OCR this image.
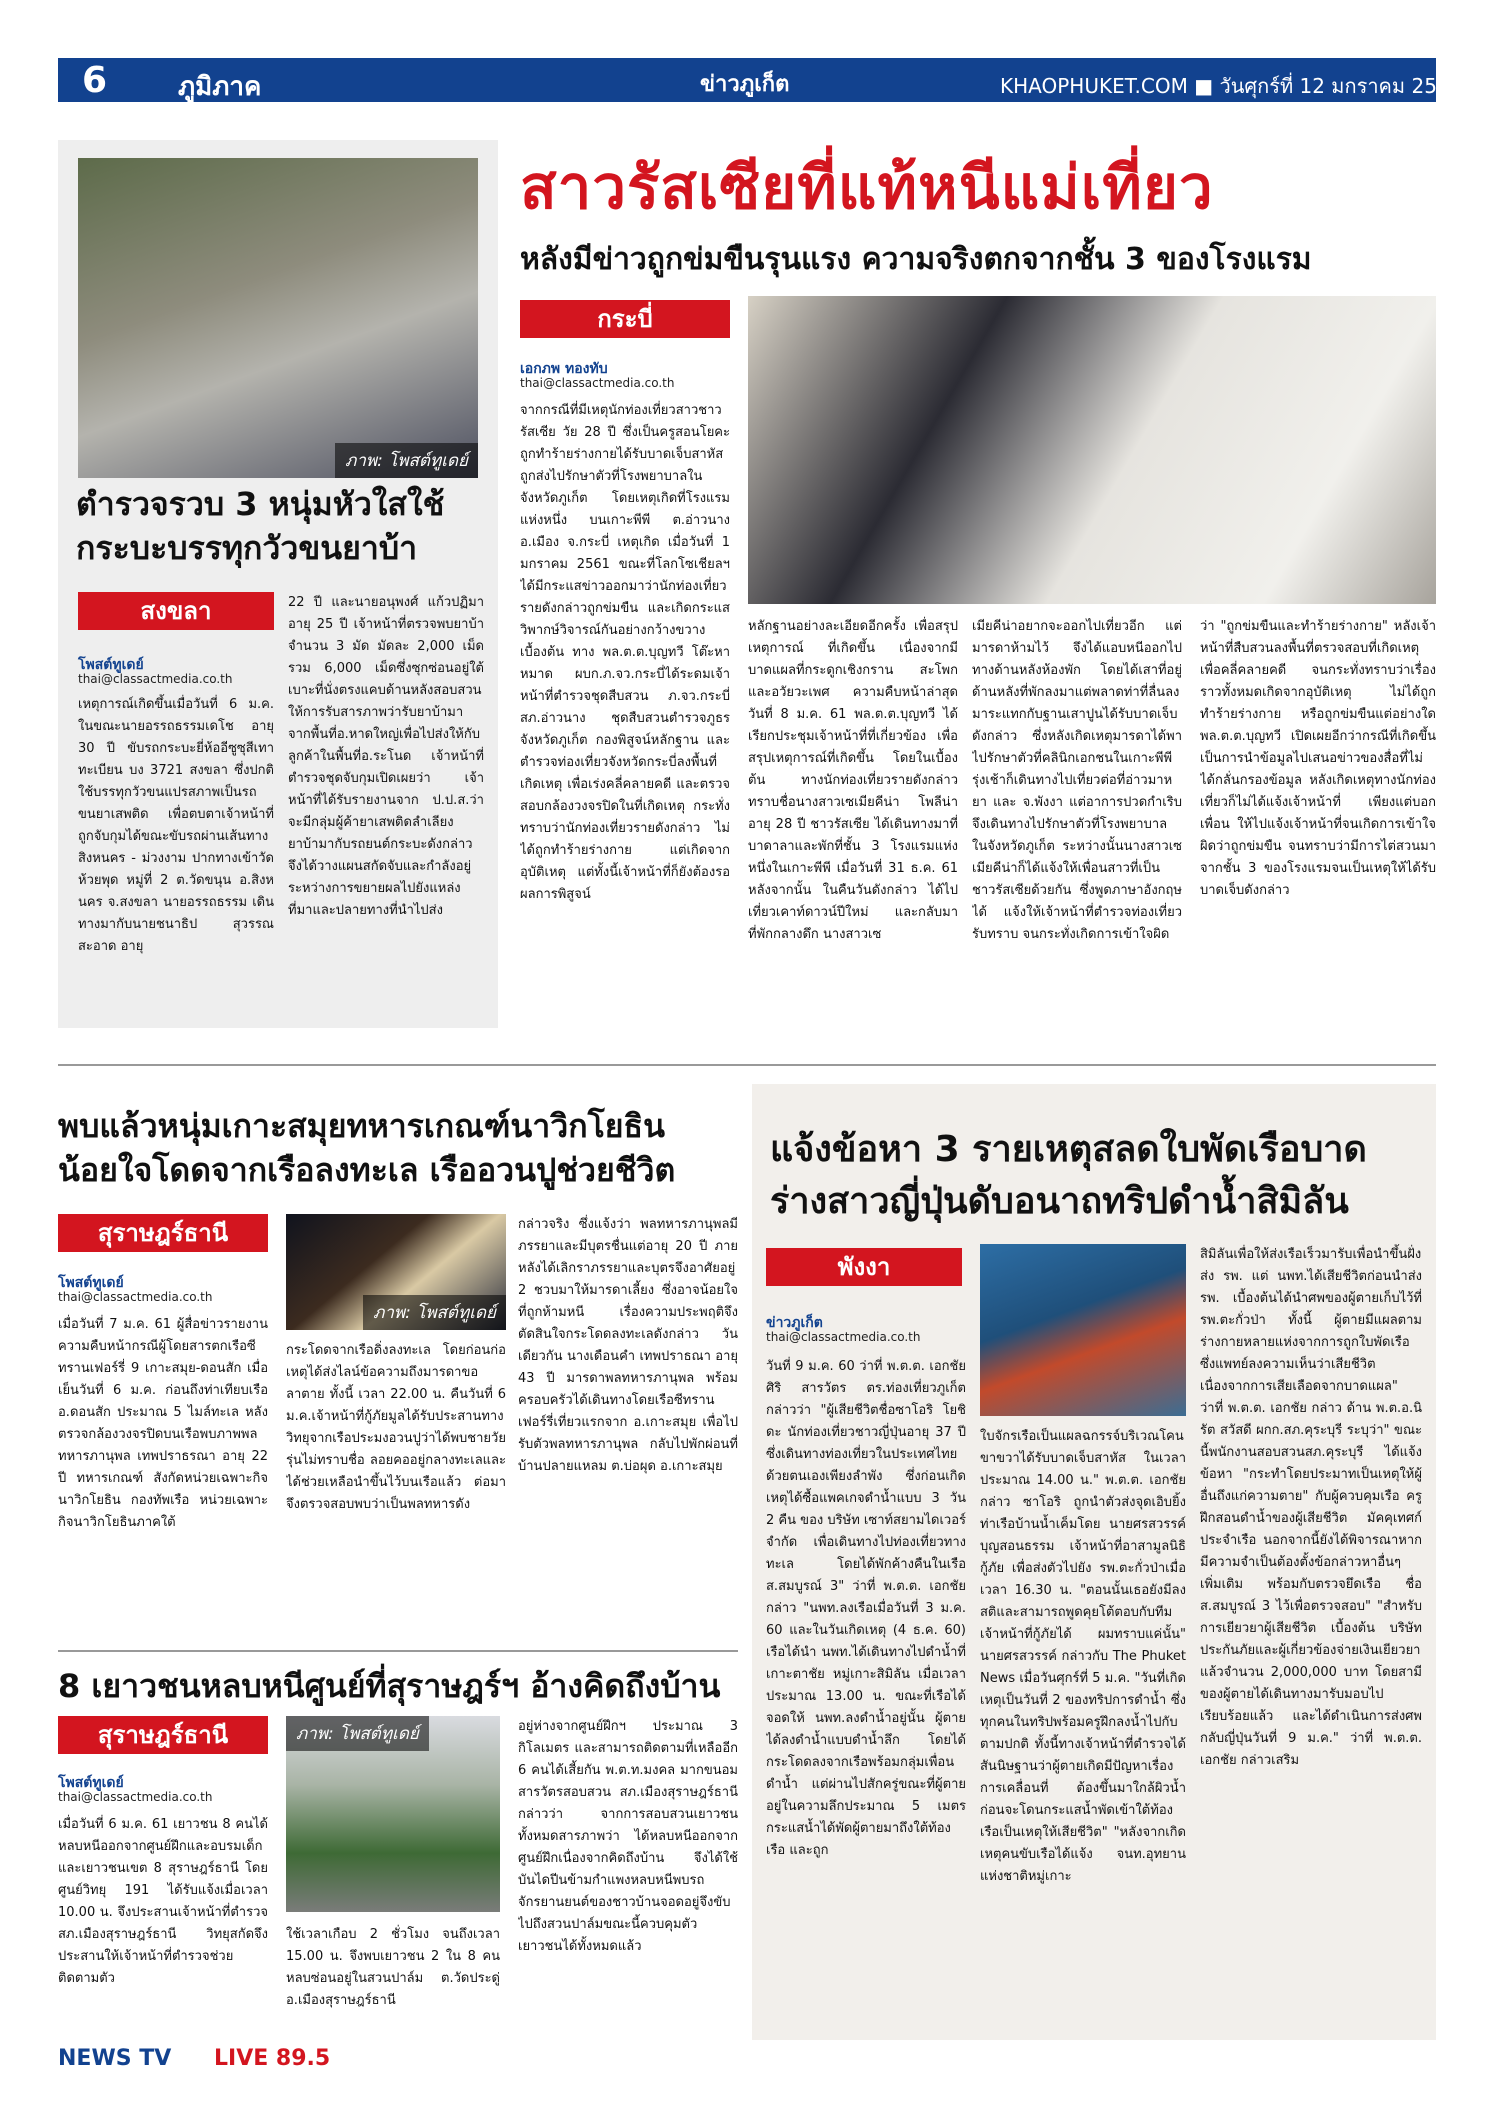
6	ภูมิภาค	ข่าวภูเก็ต	KHAOPHUKET.COM ■ วันศุกร์ที่ 12 มกราคม 2561
ภาพ: โพสต์ทูเดย์
ตำรวจรวบ 3 หนุ่มหัวใสใช้กระบะบรรทุกวัวขนยาบ้า
สงขลา
โพสต์ทูเดย์
thai@classactmedia.co.th
เหตุการณ์เกิดขึ้นเมื่อวันที่ 6 ม.ค. ในขณะนายอรรถธรรมเดโช อายุ 30 ปี ขับรถกระบะยี่ห้ออีซูซุสีเทา ทะเบียน บง 3721 สงขลา ซึ่งปกติใช้บรรทุกวัวขนแปรสภาพเป็นรถขนยาเสพติด เพื่อตบตาเจ้าหน้าที่ ถูกจับกุมได้ขณะขับรถผ่านเส้นทางสิงหนคร - ม่วงงาม ปากทางเข้าวัดห้วยพุด หมู่ที่ 2 ต.วัดขนุน อ.สิงหนคร จ.สงขลา นายอรรถธรรม เดินทางมากับนายชนาธิป สุวรรณสะอาด อายุ
22 ปี และนายอนุพงศ์ แก้วปฏิมา อายุ 25 ปี เจ้าหน้าที่ตรวจพบยาบ้า จำนวน 3 มัด มัดละ 2,000 เม็ด รวม 6,000 เม็ดซึ่งซุกซ่อนอยู่ใต้เบาะที่นั่งตรงแคบด้านหลังสอบสวนให้การรับสารภาพว่ารับยาบ้ามาจากพื้นที่อ.หาดใหญ่เพื่อไปส่งให้กับลูกค้าในพื้นที่อ.ระโนด เจ้าหน้าที่ตำรวจชุดจับกุมเปิดเผยว่า เจ้าหน้าที่ได้รับรายงานจาก ป.ป.ส.ว่าจะมีกลุ่มผู้ค้ายาเสพติดลำเลียงยาบ้ามากับรถยนต์กระบะดังกล่าว จึงได้วางแผนสกัดจับและกำลังอยู่ระหว่างการขยายผลไปยังแหล่งที่มาและปลายทางที่นำไปส่ง
สาวรัสเซียที่แท้หนีแม่เที่ยว
หลังมีข่าวถูกข่มขืนรุนแรง ความจริงตกจากชั้น 3 ของโรงแรม
กระบี่
เอกภพ ทองทับ
thai@classactmedia.co.th
จากกรณีที่มีเหตุนักท่องเที่ยวสาวชาวรัสเซีย วัย 28 ปี ซึ่งเป็นครูสอนโยคะถูกทำร้ายร่างกายได้รับบาดเจ็บสาหัส ถูกส่งไปรักษาตัวที่โรงพยาบาลในจังหวัดภูเก็ต โดยเหตุเกิดที่โรงแรมแห่งหนึ่ง บนเกาะพีพี ต.อ่าวนาง อ.เมือง จ.กระบี่ เหตุเกิด เมื่อวันที่ 1 มกราคม 2561 ขณะที่โลกโซเชียลฯ ได้มีกระแสข่าวออกมาว่านักท่องเที่ยวรายดังกล่าวถูกข่มขืน และเกิดกระแสวิพากษ์วิจารณ์กันอย่างกว้างขวาง เบื้องต้น ทาง พล.ต.ต.บุญทวี โต๊ะหาหมาด ผบก.ภ.จว.กระบี่ได้ระดมเจ้าหน้าที่ตำรวจชุดสืบสวน ภ.จว.กระบี่ สภ.อ่าวนาง ชุดสืบสวนตำรวจภูธรจังหวัดภูเก็ต กองพิสูจน์หลักฐาน และตำรวจท่องเที่ยวจังหวัดกระบี่ลงพื้นที่เกิดเหตุ เพื่อเร่งคลี่คลายคดี และตรวจสอบกล้องวงจรปิดในที่เกิดเหตุ กระทั่งทราบว่านักท่องเที่ยวรายดังกล่าว ไม่ได้ถูกทำร้ายร่างกาย แต่เกิดจากอุบัติเหตุ แต่ทั้งนี้เจ้าหน้าที่ก็ยังต้องรอผลการพิสูจน์
หลักฐานอย่างละเอียดอีกครั้ง เพื่อสรุปเหตุการณ์ ที่เกิดขึ้น เนื่องจากมีบาดแผลที่กระดูกเชิงกราน สะโพกและอวัยวะเพศ ความคืบหน้าล่าสุด วันที่ 8 ม.ค. 61 พล.ต.ต.บุญทวี ได้เรียกประชุมเจ้าหน้าที่ที่เกี่ยวข้อง เพื่อสรุปเหตุการณ์ที่เกิดขึ้น โดยในเบื้องต้น ทางนักท่องเที่ยวรายดังกล่าว ทราบชื่อนางสาวเซเมียคีน่า โพลีน่า อายุ 28 ปี ชาวรัสเซีย ได้เดินทางมาที่บาดาลาและพักที่ชั้น 3 โรงแรมแห่งหนึ่งในเกาะพีพี เมื่อวันที่ 31 ธ.ค. 61 หลังจากนั้น ในคืนวันดังกล่าว ได้ไปเที่ยวเคาท์ดาวน์ปีใหม่ และกลับมาที่พักกลางดึก นางสาวเซ
เมียคีน่าอยากจะออกไปเที่ยวอีก แต่มารดาห้ามไว้ จึงได้แอบหนีออกไปทางด้านหลังห้องพัก โดยได้เสาที่อยู่ด้านหลังที่พักลงมาแต่พลาดท่าที่ลื่นลงมาระแทกกับฐานเสาปูนได้รับบาดเจ็บดังกล่าว ซึ่งหลังเกิดเหตุมารดาได้พาไปรักษาตัวที่คลินิกเอกชนในเกาะพีพี รุ่งเช้าก็เดินทางไปเที่ยวต่อที่อ่าวมาหยา และ จ.พังงา แต่อาการปวดกำเริบจึงเดินทางไปรักษาตัวที่โรงพยาบาลในจังหวัดภูเก็ต ระหว่างนั้นนางสาวเซเมียคีน่าก็ได้แจ้งให้เพื่อนสาวที่เป็นชาวรัสเซียด้วยกัน ซึ่งพูดภาษาอังกฤษได้ แจ้งให้เจ้าหน้าที่ตำรวจท่องเที่ยวรับทราบ จนกระทั่งเกิดการเข้าใจผิด
ว่า "ถูกข่มขืนและทำร้ายร่างกาย" หลังเจ้าหน้าที่สืบสวนลงพื้นที่ตรวจสอบที่เกิดเหตุเพื่อคลี่คลายคดี จนกระทั่งทราบว่าเรื่องราวทั้งหมดเกิดจากอุบัติเหตุ ไม่ได้ถูกทำร้ายร่างกาย หรือถูกข่มขืนแต่อย่างใด พล.ต.ต.บุญทวี เปิดเผยอีกว่ากรณีที่เกิดขึ้นเป็นการนำข้อมูลไปเสนอข่าวของสื่อที่ไม่ได้กลั่นกรองข้อมูล หลังเกิดเหตุทางนักท่องเที่ยวก็ไม่ได้แจ้งเจ้าหน้าที่ เพียงแต่บอกเพื่อน ให้ไปแจ้งเจ้าหน้าที่จนเกิดการเข้าใจผิดว่าถูกข่มขืน จนทราบว่ามีการไต่สวนมาจากชั้น 3 ของโรงแรมจนเป็นเหตุให้ได้รับบาดเจ็บดังกล่าว
พบแล้วหนุ่มเกาะสมุยทหารเกณฑ์นาวิกโยธินน้อยใจโดดจากเรือลงทะเล เรืออวนปูช่วยชีวิต
สุราษฎร์ธานี
โพสต์ทูเดย์
thai@classactmedia.co.th
เมื่อวันที่ 7 ม.ค. 61 ผู้สื่อข่าวรายงานความคืบหน้ากรณีผู้โดยสารตกเรือซีทรานเฟอร์รี่ 9 เกาะสมุย-ดอนสัก เมื่อเย็นวันที่ 6 ม.ค. ก่อนถึงท่าเทียบเรือ อ.ดอนสัก ประมาณ 5 ไมล์ทะเล หลังตรวจกล้องวงจรปิดบนเรือพบภาพพลทหารภานุพล เทพปราธรณา อายุ 22 ปี ทหารเกณฑ์ สังกัดหน่วยเฉพาะกิจนาวิกโยธิน กองทัพเรือ หน่วยเฉพาะกิจนาวิกโยธินภาคใต้
ภาพ: โพสต์ทูเดย์
กระโดดจากเรือดิ่งลงทะเล โดยก่อนก่อเหตุได้ส่งไลน์ข้อความถึงมารดาขอลาตาย ทั้งนี้ เวลา 22.00 น. คืนวันที่ 6 ม.ค.เจ้าหน้าที่กู้ภัยมูลได้รับประสานทางวิทยุจากเรือประมงอวนปูว่าได้พบชายวัยรุ่นไม่ทราบชื่อ ลอยคออยู่กลางทะเลและได้ช่วยเหลือนำขึ้นไว้บนเรือแล้ว ต่อมาจึงตรวจสอบพบว่าเป็นพลทหารดัง
กล่าวจริง ซึ่งแจ้งว่า พลทหารภานุพลมีภรรยาและมีบุตรชื่นแต่อายุ 20 ปี ภายหลังได้เลิกราภรรยาและบุตรจึงอาศัยอยู่ 2 ชวบมาให้มารดาเลี้ยง ซึ่งอาจน้อยใจที่ถูกห้ามหนี เรื่องความประพฤติจึงตัดสินใจกระโดดลงทะเลดังกล่าว วันเดียวกัน นางเดือนคำ เทพปราธณา อายุ 43 ปี มารดาพลทหารภานุพล พร้อมครอบครัวได้เดินทางโดยเรือซีทรานเฟอร์รี่เที่ยวแรกจาก อ.เกาะสมุย เพื่อไปรับตัวพลทหารภานุพล กลับไปพักผ่อนที่บ้านปลายแหลม ต.บ่อผุด อ.เกาะสมุย
8 เยาวชนหลบหนีศูนย์ที่สุราษฎร์ฯ อ้างคิดถึงบ้าน
สุราษฎร์ธานี
โพสต์ทูเดย์
thai@classactmedia.co.th
เมื่อวันที่ 6 ม.ค. 61 เยาวชน 8 คนได้หลบหนีออกจากศูนย์ฝึกและอบรมเด็กและเยาวชนเขต 8 สุราษฎร์ธานี โดยศูนย์วิทยุ 191 ได้รับแจ้งเมื่อเวลา 10.00 น. จึงประสานเจ้าหน้าที่ตำรวจ สภ.เมืองสุราษฎร์ธานี วิทยุสกัดจึงประสานให้เจ้าหน้าที่ตำรวจช่วยติดตามตัว
ภาพ: โพสต์ทูเดย์
ใช้เวลาเกือบ 2 ชั่วโมง จนถึงเวลา 15.00 น. จึงพบเยาวชน 2 ใน 8 คน หลบซ่อนอยู่ในสวนปาล์ม ต.วัดประดู่ อ.เมืองสุราษฎร์ธานี
อยู่ห่างจากศูนย์ฝึกฯ ประมาณ 3 กิโลเมตร และสามารถติดตามที่เหลืออีก 6 คนได้เสี้ยกัน พ.ต.ท.มงคล มากขนอม สารวัตรสอบสวน สภ.เมืองสุราษฎร์ธานี กล่าวว่า จากการสอบสวนเยาวชนทั้งหมดสารภาพว่า ได้หลบหนีออกจากศูนย์ฝึกเนื่องจากคิดถึงบ้าน จึงได้ใช้บันไดปีนข้ามกำแพงหลบหนีพบรถจักรยานยนต์ของชาวบ้านจอดอยู่จึงขับไปถึงสวนปาล์มขณะนี้ควบคุมตัวเยาวชนได้ทั้งหมดแล้ว
แจ้งข้อหา 3 รายเหตุสลดใบพัดเรือบาดร่างสาวญี่ปุ่นดับอนาถทริปดำน้ำสิมิลัน
พังงา
ข่าวภูเก็ต
thai@classactmedia.co.th
วันที่ 9 ม.ค. 60 ว่าที่ พ.ต.ต. เอกชัย ศิริ สารวัตร ตร.ท่องเที่ยวภูเก็ต กล่าวว่า "ผู้เสียชีวิตชื่อซาโอริ โยชิดะ นักท่องเที่ยวชาวญี่ปุ่นอายุ 37 ปี ซึ่งเดินทางท่องเที่ยวในประเทศไทยด้วยตนเองเพียงลำพัง ซึ่งก่อนเกิดเหตุได้ซื้อแพคเกจดำน้ำแบบ 3 วัน 2 คืน ของ บริษัท เซาท์สยามไดเวอร์ จำกัด เพื่อเดินทางไปท่องเที่ยวทางทะเล โดยได้พักค้างคืนในเรือ ส.สมบูรณ์ 3" ว่าที่ พ.ต.ต. เอกชัย กล่าว "นพท.ลงเรือเมื่อวันที่ 3 ม.ค. 60 และในวันเกิดเหตุ (4 ธ.ค. 60) เรือได้นำ นพท.ได้เดินทางไปดำน้ำที่เกาะตาชัย หมู่เกาะสิมิลัน เมื่อเวลาประมาณ 13.00 น. ขณะที่เรือได้จอดให้ นพท.ลงดำน้ำอยู่นั้น ผู้ตายได้ลงดำน้ำแบบดำน้ำลึก โดยได้กระโดดลงจากเรือพร้อมกลุ่มเพื่อนดำน้ำ แต่ผ่านไปสักครู่ขณะที่ผู้ตายอยู่ในความลึกประมาณ 5 เมตร กระแสน้ำได้พัดผู้ตายมาถึงใต้ท้องเรือ และถูก
ใบจักรเรือเป็นแผลฉกรรจ์บริเวณโคนขาขวาได้รับบาดเจ็บสาหัส ในเวลาประมาณ 14.00 น." พ.ต.ต. เอกชัย กล่าว ซาโอริ ถูกนำตัวส่งจุดเอิบยิ้งท่าเรือบ้านน้ำเค็มโดย นายศรสวรรค์ บุญสอนธรรม เจ้าหน้าที่อาสามูลนิธิกู้ภัย เพื่อส่งตัวไปยัง รพ.ตะกั่วป่าเมื่อเวลา 16.30 น. "ตอนนั้นเธอยังมีลงสติและสามารถพูดคุยโต้ตอบกับทีมเจ้าหน้าที่กู้ภัยได้ ผมทราบแค่นั้น" นายศรสวรรค์ กล่าวกับ The Phuket News เมื่อวันศุกร์ที่ 5 ม.ค. "วันที่เกิดเหตุเป็นวันที่ 2 ของทริปการดำน้ำ ซึ่งทุกคนในทริปพร้อมครูฝึกลงน้ำไปกับตามปกติ ทั้งนี้ทางเจ้าหน้าที่ตำรวจได้สันนิษฐานว่าผู้ตายเกิดมีปัญหาเรื่องการเคลื่อนที่ ต้องขึ้นมาใกล้ผิวน้ำ ก่อนจะโดนกระแสน้ำพัดเข้าใต้ท้องเรือเป็นเหตุให้เสียชีวิต" "หลังจากเกิดเหตุคนขับเรือได้แจ้ง จนท.อุทยานแห่งชาติหมู่เกาะ
สิมิลันเพื่อให้ส่งเรือเร็วมารับเพื่อนำขึ้นฝั่งส่ง รพ. แต่ นพท.ได้เสียชีวิตก่อนนำส่ง รพ. เบื้องต้นได้นำศพของผู้ตายเก็บไว้ที่ รพ.ตะกั่วป่า ทั้งนี้ ผู้ตายมีแผลตามร่างกายหลายแห่งจากการถูกใบพัดเรือ ซึ่งแพทย์ลงความเห็นว่าเสียชีวิตเนื่องจากการเสียเลือดจากบาดแผล" ว่าที่ พ.ต.ต. เอกชัย กล่าว ด้าน พ.ต.อ.นิรัต สวัสดี ผกก.สภ.คุระบุรี ระบุว่า" ขณะนี้พนักงานสอบสวนสภ.คุระบุรี ได้แจ้งข้อหา "กระทำโดยประมาทเป็นเหตุให้ผู้อื่นถึงแก่ความตาย" กับผู้ควบคุมเรือ ครูฝึกสอนดำน้ำของผู้เสียชีวิต มัคคุเทศก์ประจำเรือ นอกจากนี้ยังได้พิจารณาหากมีความจำเป็นต้องตั้งข้อกล่าวหาอื่นๆ เพิ่มเติม พร้อมกับตรวจยึดเรือ ชื่อ ส.สมบูรณ์ 3 ไว้เพื่อตรวจสอบ" "สำหรับการเยียวยาผู้เสียชีวิต เบื้องต้น บริษัทประกันภัยและผู้เกี่ยวข้องจ่ายเงินเยียวยาแล้วจำนวน 2,000,000 บาท โดยสามีของผู้ตายได้เดินทางมารับมอบไปเรียบร้อยแล้ว และได้ดำเนินการส่งศพกลับญี่ปุ่นวันที่ 9 ม.ค." ว่าที่ พ.ต.ต. เอกชัย กล่าวเสริม
NEWS TV LIVE 89.5
